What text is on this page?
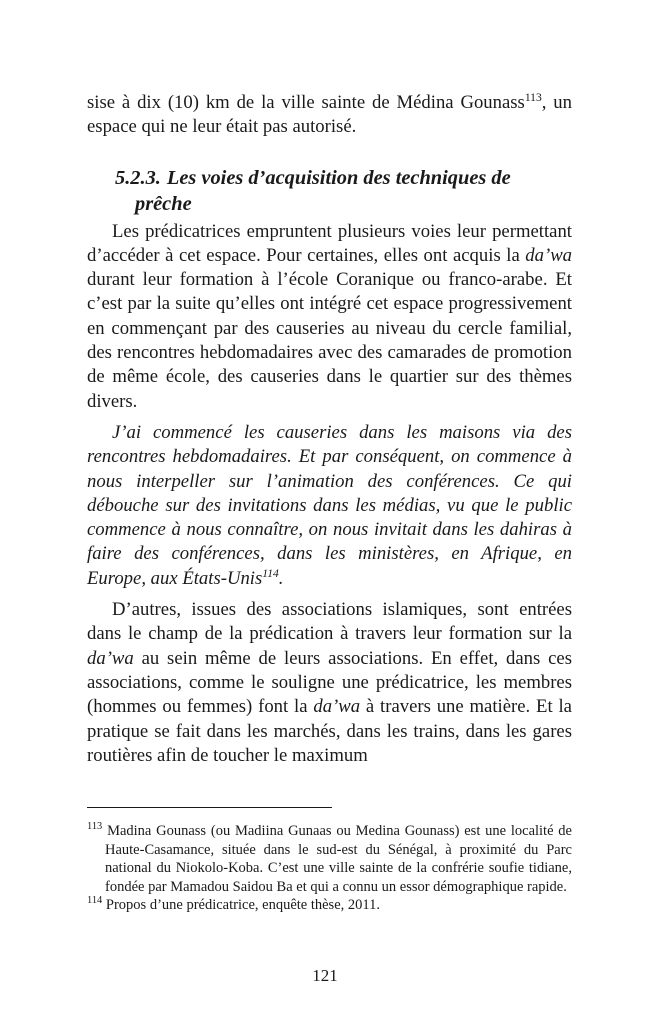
sise à dix (10) km de la ville sainte de Médina Gounass$^{113}$, un espace qui ne leur était pas autorisé.

5.2.3. Les voies d’acquisition des techniques de prêche

Les prédicatrices empruntent plusieurs voies leur permettant d’accéder à cet espace. Pour certaines, elles ont acquis la da’wa durant leur formation à l’école Coranique ou franco-arabe. Et c’est par la suite qu’elles ont intégré cet espace progressivement en commençant par des causeries au niveau du cercle familial, des rencontres hebdomadaires avec des camarades de promotion de même école, des causeries dans le quartier sur des thèmes divers.

J’ai commencé les causeries dans les maisons via des rencontres hebdomadaires. Et par conséquent, on commence à nous interpeller sur l’animation des conférences. Ce qui débouche sur des invitations dans les médias, vu que le public commence à nous connaître, on nous invitait dans les dahiras à faire des conférences, dans les ministères, en Afrique, en Europe, aux États-Unis$^{114}$.

D’autres, issues des associations islamiques, sont entrées dans le champ de la prédication à travers leur formation sur la da’wa au sein même de leurs associations. En effet, dans ces associations, comme le souligne une prédicatrice, les membres (hommes ou femmes) font la da’wa à travers une matière. Et la pratique se fait dans les marchés, dans les trains, dans les gares routières afin de toucher le maximum

$^{113}$ Madina Gounass (ou Madiina Gunaas ou Medina Gounass) est une localité de Haute-Casamance, située dans le sud-est du Sénégal, à proximité du Parc national du Niokolo-Koba. C’est une ville sainte de la confrérie soufie tidiane, fondée par Mamadou Saidou Ba et qui a connu un essor démographique rapide.

$^{114}$ Propos d’une prédicatrice, enquête thèse, 2011.

121
